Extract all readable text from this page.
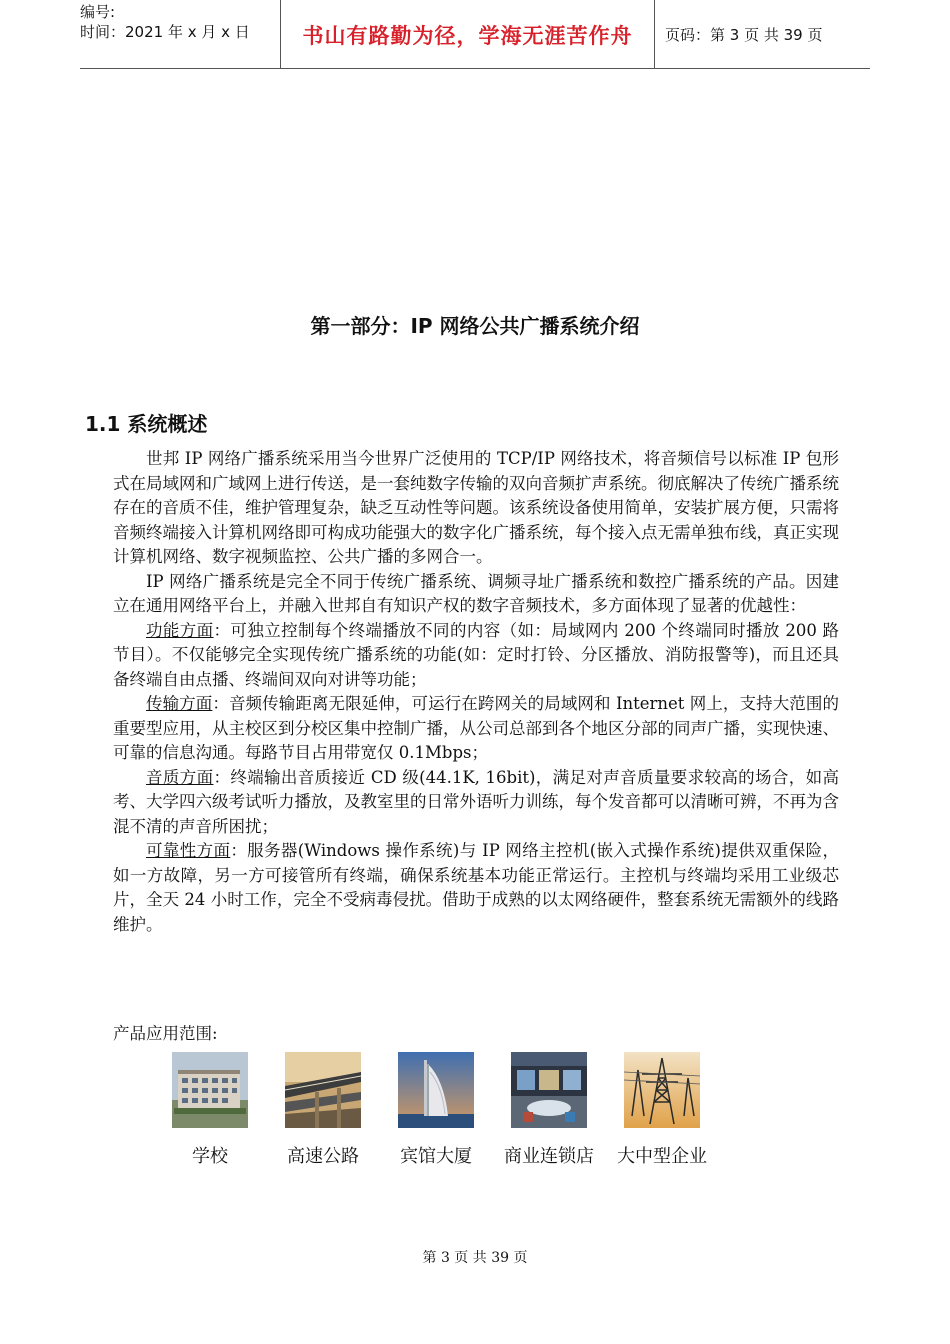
编号:
时间：2021 年 x 月 x 日	书山有路勤为径，学海无涯苦作舟	页码：第 3 页 共 39 页
第一部分：IP 网络公共广播系统介绍
1.1 系统概述

世邦 IP 网络广播系统采用当今世界广泛使用的 TCP/IP 网络技术，将音频信号以标准 IP 包形式在局域网和广域网上进行传送，是一套纯数字传输的双向音频扩声系统。彻底解决了传统广播系统存在的音质不佳，维护管理复杂，缺乏互动性等问题。该系统设备使用简单，安装扩展方便，只需将音频终端接入计算机网络即可构成功能强大的数字化广播系统，每个接入点无需单独布线，真正实现计算机网络、数字视频监控、公共广播的多网合一。

IP 网络广播系统是完全不同于传统广播系统、调频寻址广播系统和数控广播系统的产品。因建立在通用网络平台上，并融入世邦自有知识产权的数字音频技术，多方面体现了显著的优越性：

功能方面：可独立控制每个终端播放不同的内容（如：局域网内 200 个终端同时播放 200 路节目）。不仅能够完全实现传统广播系统的功能(如：定时打铃、分区播放、消防报警等)，而且还具备终端自由点播、终端间双向对讲等功能；

传输方面：音频传输距离无限延伸，可运行在跨网关的局域网和 Internet 网上，支持大范围的重要型应用，从主校区到分校区集中控制广播，从公司总部到各个地区分部的同声广播，实现快速、可靠的信息沟通。每路节目占用带宽仅 0.1Mbps；

音质方面：终端输出音质接近 CD 级(44.1K, 16bit)，满足对声音质量要求较高的场合，如高考、大学四六级考试听力播放，及教室里的日常外语听力训练，每个发音都可以清晰可辨，不再为含混不清的声音所困扰；

可靠性方面：服务器(Windows 操作系统)与 IP 网络主控机(嵌入式操作系统)提供双重保险，如一方故障，另一方可接管所有终端，确保系统基本功能正常运行。主控机与终端均采用工业级芯片，全天 24 小时工作，完全不受病毒侵扰。借助于成熟的以太网络硬件，整套系统无需额外的线路维护。

产品应用范围:
学校	高速公路	宾馆大厦	商业连锁店 大中型企业
第 3 页 共 39 页
